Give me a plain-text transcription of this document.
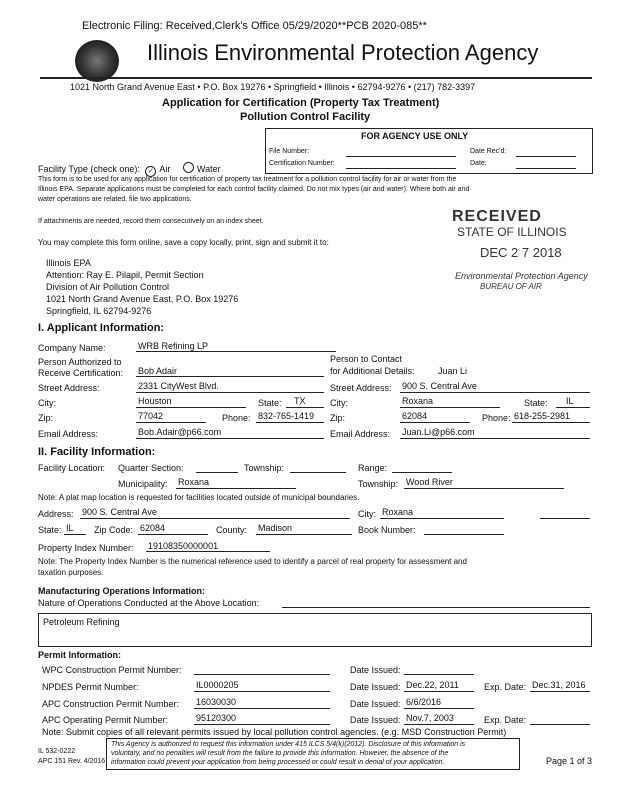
Electronic Filing: Received,Clerk's Office 05/29/2020**PCB 2020-085**
Illinois Environmental Protection Agency
1021 North Grand Avenue East • P.O. Box 19276 • Springfield • Illinois • 62794-9276 • (217) 782-3397
Application for Certification (Property Tax Treatment)
Pollution Control Facility
FOR AGENCY USE ONLY
File Number:
Certification Number:
Date Rec'd:
Date:
Facility Type (check one): ✓ Air	Water
This form is to be used for any application for certification of property tax treatment for a pollution control facility for air or water from the
Illinois EPA. Separate applications must be completed for each control facility claimed. Do not mix types (air and water). Where both air and
water operations are related, file two applications.
If attachments are needed, record them consecutively on an index sheet.
You may complete this form online, save a copy locally, print, sign and submit it to:
Illinois EPA
Attention: Ray E. Pilapil, Permit Section
Division of Air Pollution Control
1021 North Grand Avenue East, P.O. Box 19276
Springfield, IL 62794-9276
RECEIVED
STATE OF ILLINOIS
DEC 2 7 2018
Environmental Protection Agency
BUREAU OF AIR
I. Applicant Information:
Company Name:	WRB Refining LP
Person Authorized to
Receive Certification: Bob Adair
Person to Contact
for Additional Details:	Juan Li
Street Address:	2331 CityWest Blvd.	Street Address: 900 S. Central Ave
City:	Houston	State: TX	City:	Roxana	State: IL
Zip:	77042	Phone: 832-765-1419 Zip:	62084	Phone: 618-255-2981
Email Address:	Bob.Adair@p66.com	Email Address: Juan.Li@p66.com
II. Facility Information:
Facility Location: Quarter Section:	Township:	Range:
Municipality: Roxana	Township: Wood River
Note: A plat map location is requested for facilities located outside of municipal boundaries.
Address: 900 S. Central Ave	City: Roxana
State: IL Zip Code: 62084	County: Madison	Book Number:
Property Index Number: 19108350000001
Note: The Property Index Number is the numerical reference used to identify a parcel of real property for assessment and
taxation purposes.
Manufacturing Operations Information:
Nature of Operations Conducted at the Above Location:
Petroleum Refining
Permit Information:
WPC Construction Permit Number:	Date Issued:
NPDES Permit Number:	IL0000205	Date Issued: Dec.22, 2011	Exp. Date: Dec.31, 2016
APC Construction Permit Number: 16030030	Date Issued: 6/6/2016
APC Operating Permit Number:	95120300	Date Issued: Nov.7, 2003	Exp. Date:
Note: Submit copies of all relevant permits issued by local pollution control agencies. (e.g. MSD Construction Permit)
IL 532-0222
APC 151 Rev. 4/2016
This Agency is authorized to request this information under 415 ILCS 5/4(k)(2012). Disclosure of this information is
voluntary, and no penalties will result from the failure to provide this information. However, the absence of the
information could prevent your application from being processed or could result in denial of your application.	Page 1 of 3
